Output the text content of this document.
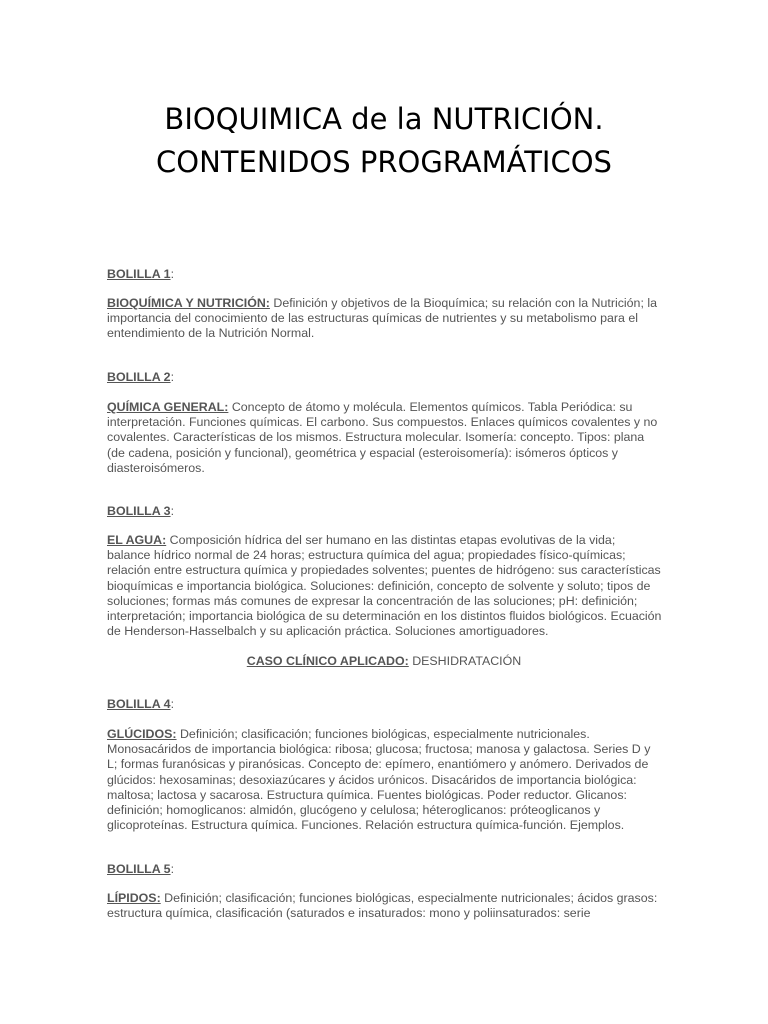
BIOQUIMICA de la NUTRICIÓN.
CONTENIDOS PROGRAMÁTICOS
BOLILLA 1:
BIOQUÍMICA Y NUTRICIÓN: Definición y objetivos de la Bioquímica; su relación con la Nutrición; la importancia del conocimiento de las estructuras químicas de nutrientes y su metabolismo para el entendimiento de la Nutrición Normal.
BOLILLA 2:
QUÍMICA GENERAL: Concepto de átomo y molécula. Elementos químicos. Tabla Periódica: su interpretación. Funciones químicas. El carbono. Sus compuestos. Enlaces químicos covalentes y no covalentes. Características de los mismos. Estructura molecular. Isomería: concepto. Tipos: plana (de cadena, posición y funcional), geométrica y espacial (esteroisomería): isómeros ópticos y diasteroisómeros.
BOLILLA 3:
EL AGUA: Composición hídrica del ser humano en las distintas etapas evolutivas de la vida; balance hídrico normal de 24 horas; estructura química del agua; propiedades físico-químicas; relación entre estructura química y propiedades solventes; puentes de hidrógeno: sus características bioquímicas e importancia biológica. Soluciones: definición, concepto de solvente y soluto; tipos de soluciones; formas más comunes de expresar la concentración de las soluciones; pH: definición; interpretación; importancia biológica de su determinación en los distintos fluidos biológicos. Ecuación de Henderson-Hasselbalch y su aplicación práctica. Soluciones amortiguadores.
CASO CLÍNICO APLICADO: DESHIDRATACIÓN
BOLILLA 4:
GLÚCIDOS: Definición; clasificación; funciones biológicas, especialmente nutricionales. Monosacáridos de importancia biológica: ribosa; glucosa; fructosa; manosa y galactosa. Series D y L; formas furanósicas y piranósicas. Concepto de: epímero, enantiómero y anómero. Derivados de glúcidos: hexosaminas; desoxiazúcares y ácidos urónicos. Disacáridos de importancia biológica: maltosa; lactosa y sacarosa. Estructura química. Fuentes biológicas. Poder reductor. Glicanos: definición; homoglicanos: almidón, glucógeno y celulosa; héteroglicanos: próteoglicanos y glicoproteínas. Estructura química. Funciones. Relación estructura química-función. Ejemplos.
BOLILLA 5:
LÍPIDOS: Definición; clasificación; funciones biológicas, especialmente nutricionales; ácidos grasos: estructura química, clasificación (saturados e insaturados: mono y poliinsaturados: serie
